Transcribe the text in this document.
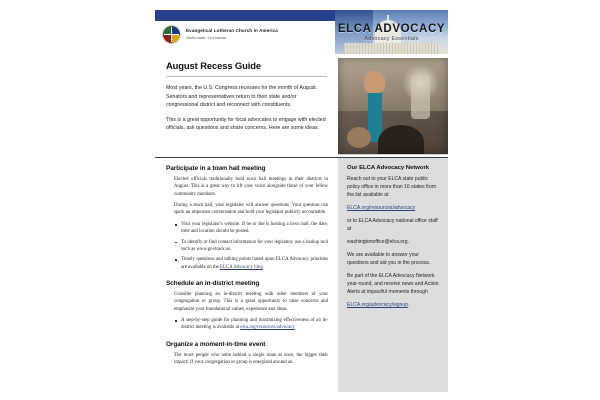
Evangelical Lutheran Church in America
God's work. Our hands.
ELCA ADVOCACY
Advocacy Essentials
August Recess Guide

Most years, the U.S. Congress recesses for the month of August. Senators and representatives return to their state and/or congressional district and reconnect with constituents.

This is a great opportunity for local advocates to engage with elected officials, ask questions and share concerns. Here are some ideas.

Participate in a town hall meeting

Elected officials traditionally hold town hall meetings in their districts in August. This is a great way to lift your voice alongside those of your fellow community members.

During a town hall, your legislator will answer questions. Your question can spark an important conversation and hold your legislator publicly accountable.

Visit your legislator's website. If he or she is hosting a town hall, the date, time and location should be posted.
To identify or find contact information for your legislator, use a lookup tool such as www.govtrack.us.
Timely questions and talking points based upon ELCA Advocacy priorities are available on the ELCA Advocacy blog.
Schedule an in-district meeting

Consider planning an in-district meeting with other members of your congregation or group. This is a great opportunity to raise concerns and emphasize your foundational values, experience and ideas.

A step-by-step guide for planning and maximizing effectiveness of an in-district meeting is available at elca.org/resources/advocacy
Organize a moment-in-time event

The more people who unite behind a single issue at once, the bigger their impact! If your congregation or group is energized around an

Our ELCA Advocacy Network

Reach out to your ELCA state public policy office in more than 16 states from the list available at

ELCA.org/resources/advocacy

or to ELCA Advocacy national office staff at

washingtonoffice@elca.org.

We are available to answer your questions and aid you in the process.

Be part of the ELCA Advocacy Network year-round, and receive news and Action Alerts at impactful moments through

ELCA.org/advocacy/signup.
